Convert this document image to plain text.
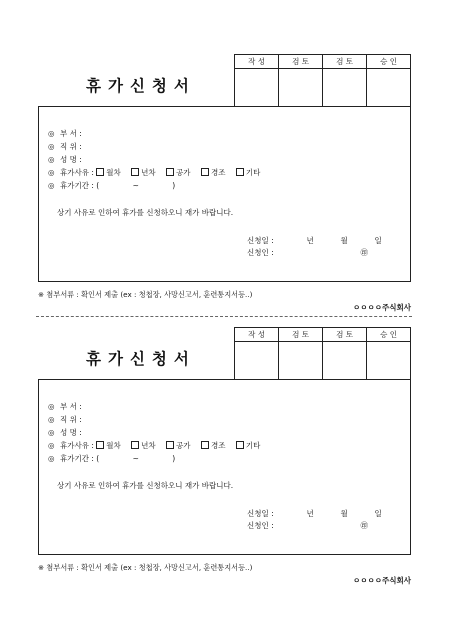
휴가신청서
작 성	검 토	검 토	승 인

◎ 부 서 :
◎ 직 위 :
◎ 성 명 :
◎ 휴가사유 : 월차	년차	공가	경조	기타
◎ 휴가기간 : (              ~              )
상기 사유로 인하여 휴가를 신청하오니 재가 바랍니다.
신청일 :	년	월	일
신청인 :	㊞
※ 첨부서류 : 확인서 제출 (ex : 청첩장, 사망신고서, 훈련통지서등..)
ㅇㅇㅇㅇ주식회사
휴가신청서
작 성	검 토	검 토	승 인

◎ 부 서 :
◎ 직 위 :
◎ 성 명 :
◎ 휴가사유 : 월차	년차	공가	경조	기타
◎ 휴가기간 : (              ~              )
상기 사유로 인하여 휴가를 신청하오니 재가 바랍니다.
신청일 :	년	월	일
신청인 :	㊞
※ 첨부서류 : 확인서 제출 (ex : 청첩장, 사망신고서, 훈련통지서등..)
ㅇㅇㅇㅇ주식회사
